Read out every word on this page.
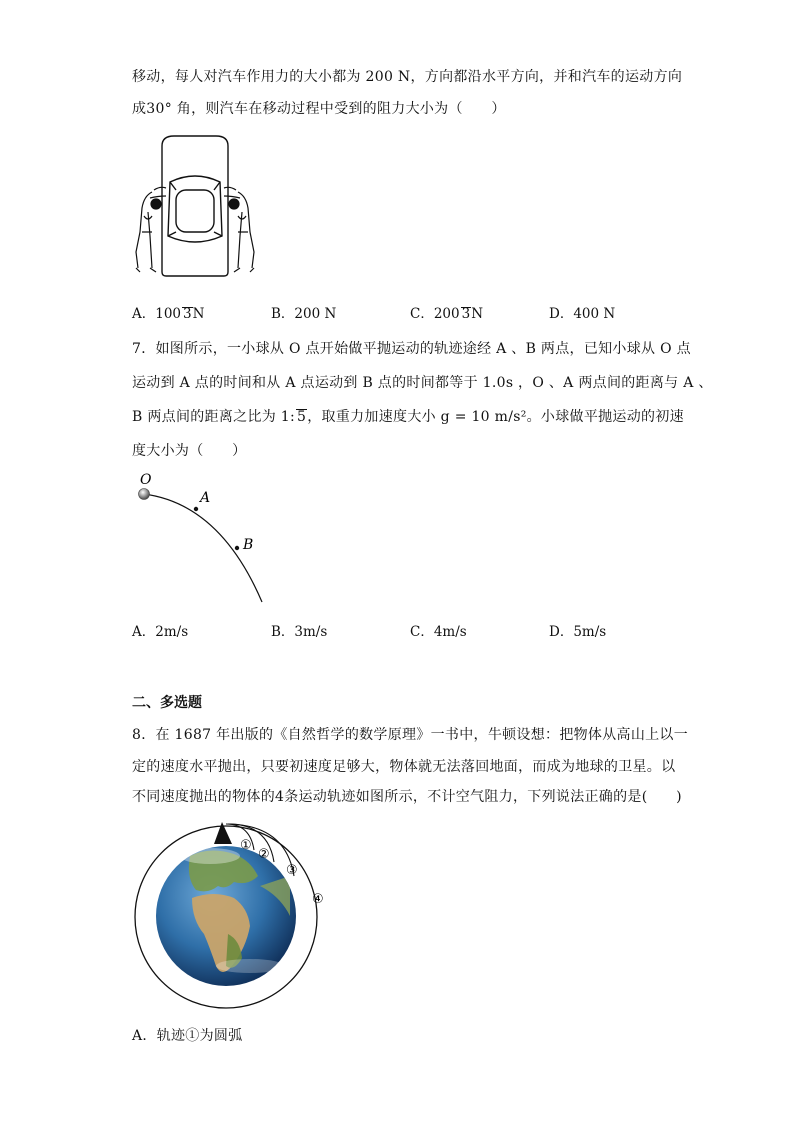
移动，每人对汽车作用力的大小都为 200 N，方向都沿水平方向，并和汽车的运动方向
成30° 角，则汽车在移动过程中受到的阻力大小为（　　）
A．100 3N	B．200 N	C．200 3N	D．400 N
7．如图所示，一小球从 O 点开始做平抛运动的轨迹途经 A 、B 两点，已知小球从 O 点
运动到 A 点的时间和从 A 点运动到 B 点的时间都等于 1.0s ，O 、A 两点间的距离与 A 、
B 两点间的距离之比为 1: 5，取重力加速度大小 g = 10 m/s²。小球做平抛运动的初速
度大小为（　　）
O
A
B
A．2m/s	B．3m/s	C．4m/s	D．5m/s
二、多选题
8．在 1687 年出版的《自然哲学的数学原理》一书中，牛顿设想：把物体从高山上以一
定的速度水平抛出，只要初速度足够大，物体就无法落回地面，而成为地球的卫星。以
不同速度抛出的物体的4条运动轨迹如图所示，不计空气阻力，下列说法正确的是(　　)
①
②
③
④
A．轨迹①为圆弧
